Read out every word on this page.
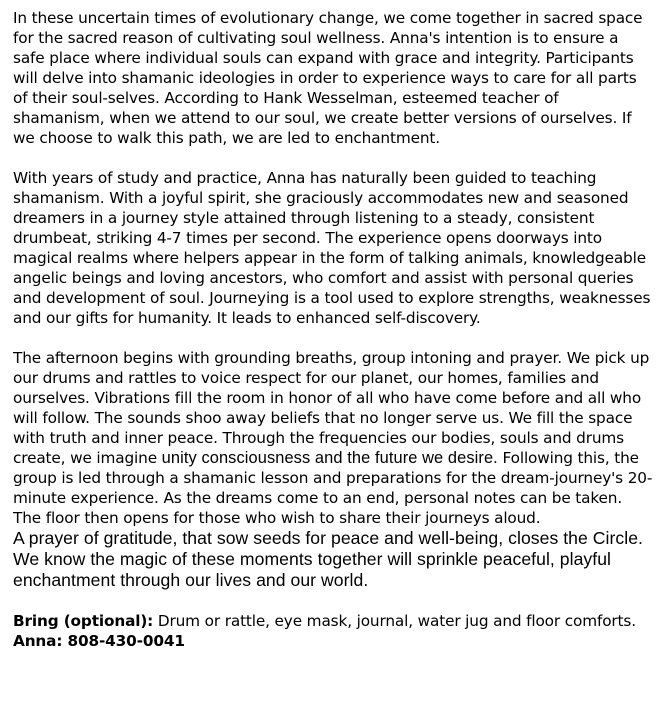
In these uncertain times of evolutionary change, we come together in sacred space for the sacred reason of cultivating soul wellness. Anna's intention is to ensure a safe place where individual souls can expand with grace and integrity. Participants will delve into shamanic ideologies in order to experience ways to care for all parts of their soul-selves. According to Hank Wesselman, esteemed teacher of shamanism, when we attend to our soul, we create better versions of ourselves. If we choose to walk this path, we are led to enchantment.

With years of study and practice, Anna has naturally been guided to teaching shamanism. With a joyful spirit, she graciously accommodates new and seasoned dreamers in a journey style attained through listening to a steady, consistent drumbeat, striking 4-7 times per second. The experience opens doorways into magical realms where helpers appear in the form of talking animals, knowledgeable angelic beings and loving ancestors, who comfort and assist with personal queries and development of soul. Journeying is a tool used to explore strengths, weaknesses and our gifts for humanity. It leads to enhanced self-discovery.

The afternoon begins with grounding breaths, group intoning and prayer. We pick up our drums and rattles to voice respect for our planet, our homes, families and ourselves. Vibrations fill the room in honor of all who have come before and all who will follow. The sounds shoo away beliefs that no longer serve us. We fill the space with truth and inner peace. Through the frequencies our bodies, souls and drums create, we imagine unity consciousness and the future we desire. Following this, the group is led through a shamanic lesson and preparations for the dream-journey's 20-minute experience. As the dreams come to an end, personal notes can be taken. The floor then opens for those who wish to share their journeys aloud.

A prayer of gratitude, that sow seeds for peace and well-being, closes the Circle. We know the magic of these moments together will sprinkle peaceful, playful enchantment through our lives and our world.

Bring (optional): Drum or rattle, eye mask, journal, water jug and floor comforts. Anna: 808-430-0041
